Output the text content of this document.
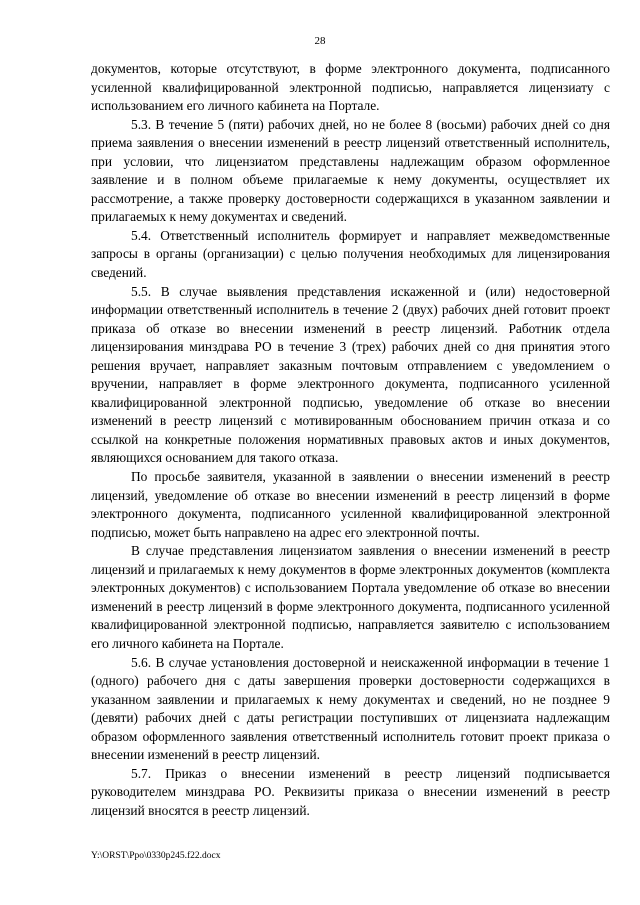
28

документов, которые отсутствуют, в форме электронного документа, подписанного усиленной квалифицированной электронной подписью, направляется лицензиату с использованием его личного кабинета на Портале.

5.3. В течение 5 (пяти) рабочих дней, но не более 8 (восьми) рабочих дней со дня приема заявления о внесении изменений в реестр лицензий ответственный исполнитель, при условии, что лицензиатом представлены надлежащим образом оформленное заявление и в полном объеме прилагаемые к нему документы, осуществляет их рассмотрение, а также проверку достоверности содержащихся в указанном заявлении и прилагаемых к нему документах и сведений.

5.4. Ответственный исполнитель формирует и направляет межведомственные запросы в органы (организации) с целью получения необходимых для лицензирования сведений.

5.5. В случае выявления представления искаженной и (или) недостоверной информации ответственный исполнитель в течение 2 (двух) рабочих дней готовит проект приказа об отказе во внесении изменений в реестр лицензий. Работник отдела лицензирования минздрава РО в течение 3 (трех) рабочих дней со дня принятия этого решения вручает, направляет заказным почтовым отправлением с уведомлением о вручении, направляет в форме электронного документа, подписанного усиленной квалифицированной электронной подписью, уведомление об отказе во внесении изменений в реестр лицензий с мотивированным обоснованием причин отказа и со ссылкой на конкретные положения нормативных правовых актов и иных документов, являющихся основанием для такого отказа.

По просьбе заявителя, указанной в заявлении о внесении изменений в реестр лицензий, уведомление об отказе во внесении изменений в реестр лицензий в форме электронного документа, подписанного усиленной квалифицированной электронной подписью, может быть направлено на адрес его электронной почты.

В случае представления лицензиатом заявления о внесении изменений в реестр лицензий и прилагаемых к нему документов в форме электронных документов (комплекта электронных документов) с использованием Портала уведомление об отказе во внесении изменений в реестр лицензий в форме электронного документа, подписанного усиленной квалифицированной электронной подписью, направляется заявителю с использованием его личного кабинета на Портале.

5.6. В случае установления достоверной и неискаженной информации в течение 1 (одного) рабочего дня с даты завершения проверки достоверности содержащихся в указанном заявлении и прилагаемых к нему документах и сведений, но не позднее 9 (девяти) рабочих дней с даты регистрации поступивших от лицензиата надлежащим образом оформленного заявления ответственный исполнитель готовит проект приказа о внесении изменений в реестр лицензий.

5.7. Приказ о внесении изменений в реестр лицензий подписывается руководителем минздрава РО. Реквизиты приказа о внесении изменений в реестр лицензий вносятся в реестр лицензий.

Y:\ORST\Ppo\0330p245.f22.docx
